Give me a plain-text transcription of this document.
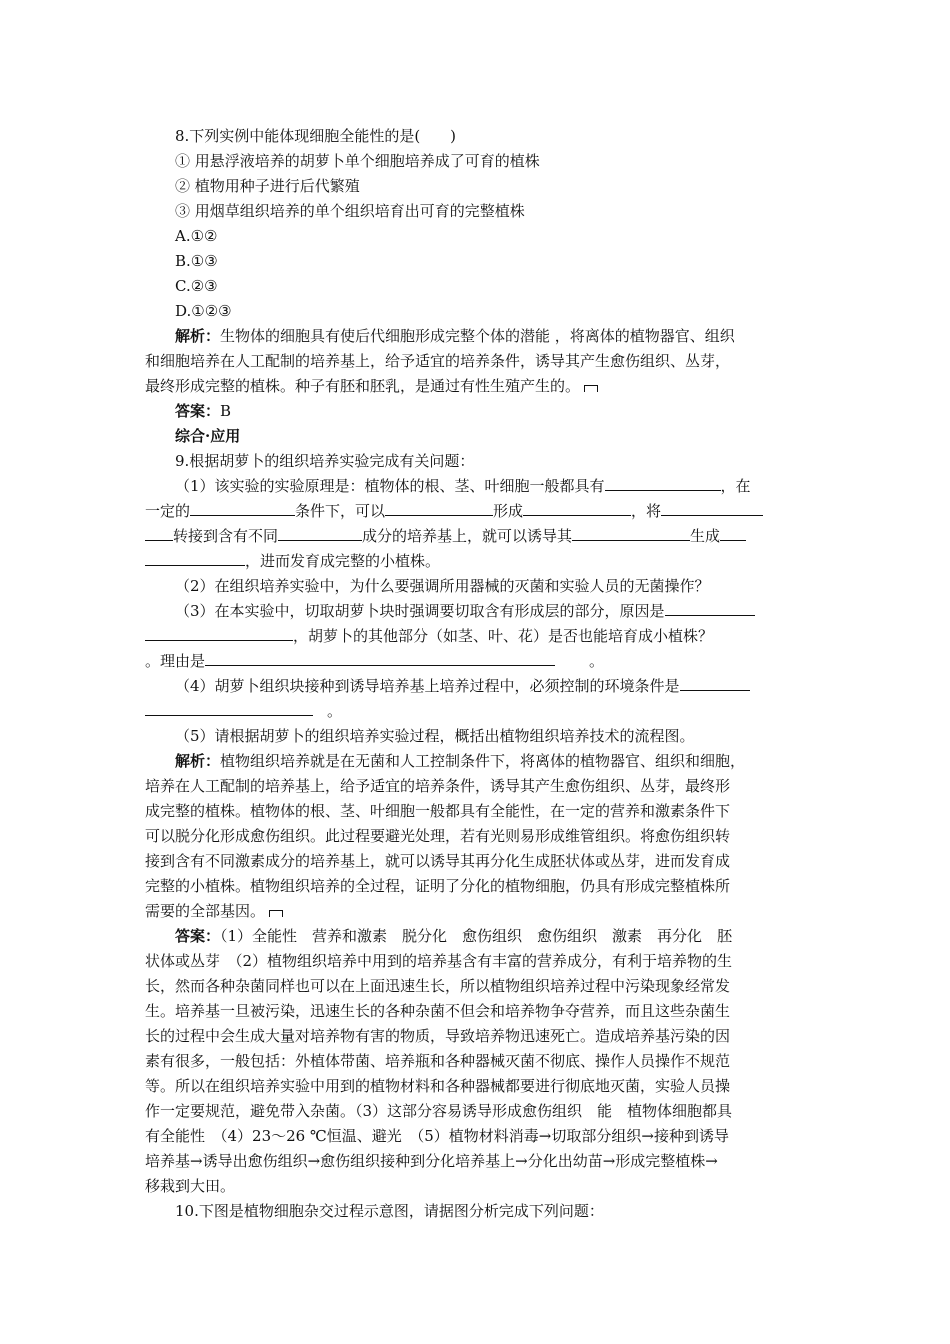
8.下列实例中能体现细胞全能性的是(　　)
① 用悬浮液培养的胡萝卜单个细胞培养成了可育的植株
② 植物用种子进行后代繁殖
③ 用烟草组织培养的单个组织培育出可育的完整植株
A.①②
B.①③
C.②③
D.①②③
解析：生物体的细胞具有使后代细胞形成完整个体的潜能 ，将离体的植物器官、组织
和细胞培养在人工配制的培养基上，给予适宜的培养条件，诱导其产生愈伤组织、丛芽，
最终形成完整的植株。种子有胚和胚乳，是通过有性生殖产生的。
答案：B
综合·应用
9.根据胡萝卜的组织培养实验完成有关问题：
（1）该实验的实验原理是：植物体的根、茎、叶细胞一般都具有	，在
一定的	条件下，可以	形成	，将
转接到含有不同	成分的培养基上，就可以诱导其	生成
，进而发育成完整的小植株。
（2）在组织培养实验中，为什么要强调所用器械的灭菌和实验人员的无菌操作？
（3）在本实验中，切取胡萝卜块时强调要切取含有形成层的部分，原因是
，胡萝卜的其他部分（如茎、叶、花）是否也能培育成小植株？
。理由是	。
（4）胡萝卜组织块接种到诱导培养基上培养过程中，必须控制的环境条件是
。
（5）请根据胡萝卜的组织培养实验过程，概括出植物组织培养技术的流程图。
解析：植物组织培养就是在无菌和人工控制条件下，将离体的植物器官、组织和细胞，
培养在人工配制的培养基上，给予适宜的培养条件，诱导其产生愈伤组织、丛芽，最终形
成完整的植株。植物体的根、茎、叶细胞一般都具有全能性，在一定的营养和激素条件下
可以脱分化形成愈伤组织。此过程要避光处理，若有光则易形成维管组织。将愈伤组织转
接到含有不同激素成分的培养基上，就可以诱导其再分化生成胚状体或丛芽，进而发育成
完整的小植株。植物组织培养的全过程，证明了分化的植物细胞，仍具有形成完整植株所
需要的全部基因。
答案：（1）全能性　营养和激素　脱分化　愈伤组织　愈伤组织　激素　再分化　胚
状体或丛芽　（2）植物组织培养中用到的培养基含有丰富的营养成分，有利于培养物的生
长，然而各种杂菌同样也可以在上面迅速生长，所以植物组织培养过程中污染现象经常发
生。培养基一旦被污染，迅速生长的各种杂菌不但会和培养物争夺营养，而且这些杂菌生
长的过程中会生成大量对培养物有害的物质，导致培养物迅速死亡。造成培养基污染的因
素有很多，一般包括：外植体带菌、培养瓶和各种器械灭菌不彻底、操作人员操作不规范
等。所以在组织培养实验中用到的植物材料和各种器械都要进行彻底地灭菌，实验人员操
作一定要规范，避免带入杂菌。（3）这部分容易诱导形成愈伤组织　能　植物体细胞都具
有全能性　（4）23～26 ℃恒温、避光　（5）植物材料消毒→切取部分组织→接种到诱导
培养基→诱导出愈伤组织→愈伤组织接种到分化培养基上→分化出幼苗→形成完整植株→
移栽到大田。
10.下图是植物细胞杂交过程示意图，请据图分析完成下列问题：
